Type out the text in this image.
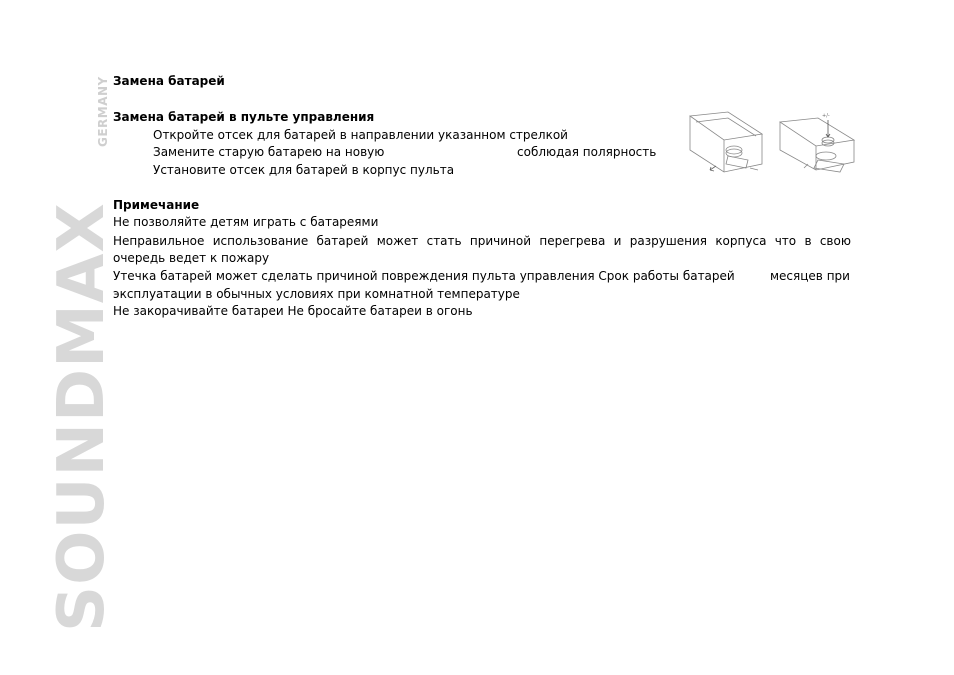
SOUNDMAX
GERMANY Замена батарей
Замена батарей в пульте управления
Откройте отсек для батарей в направлении указанном стрелкой
Замените старую батарею на новую	соблюдая полярность
Установите отсек для батарей в корпус пульта
Примечание
Не позволяйте детям играть с батареями
Неправильное использование батарей может стать причиной перегрева и разрушения корпуса что в свою
очередь ведет к пожару
Утечка батарей может сделать причиной повреждения пульта управления Срок работы батарей	месяцев при
эксплуатации в обычных условиях при комнатной температуре
Не закорачивайте батареи Не бросайте батареи в огонь
+/-
